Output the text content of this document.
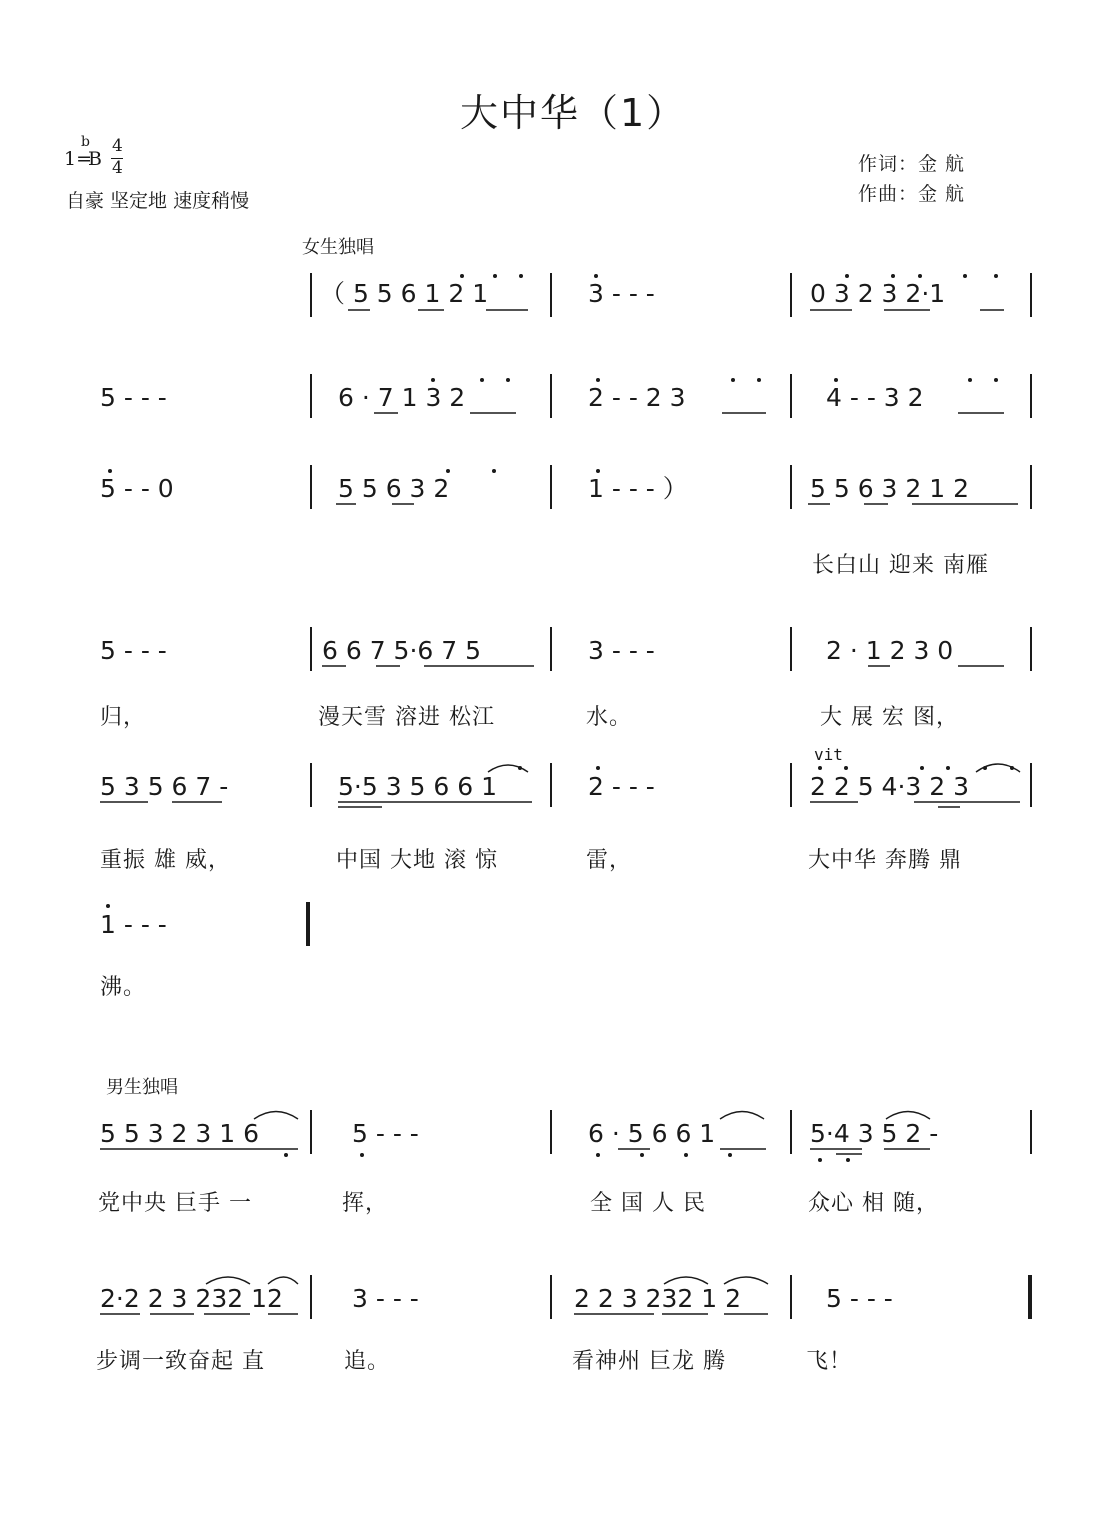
大中华（1）
1=
b
B
4
4
自豪 坚定地 速度稍慢
作词：金 航
作曲：金 航
女生独唱
男生独唱
vit
（ 5 5 6 1 2 1	3 - - -	0 3 2 3 2·1
5 - - -	6 · 7 1 3 2	2 - - 2 3	4 - - 3 2
5 - - 0	5 5 6 3 2	1 - - - ）	5 5 6 3 2 1 2
长白山 迎来 南雁
5 - - -	6 6 7 5·6 7 5	3 - - -	2 · 1 2 3 0
归，	漫天雪 溶进 松江	水。	大 展 宏 图，
5 3 5 6 7 -	5·5 3 5 6 6 1	2 - - -	2 2 5 4·3 2 3
重振 雄 威，	中国 大地 滚 惊	雷，	大中华 奔腾 鼎
1 - - -
沸。
5 5 3 2 3 1 6	5 - - -	6 · 5 6 6 1	5·4 3 5 2 -
党中央 巨手 一	挥，	全 国 人 民	众心 相 随，
2·2 2 3 232 12	3 - - -	2 2 3 232 1 2	5 - - -
步调一致奋起 直	追。	看神州 巨龙 腾	飞！
